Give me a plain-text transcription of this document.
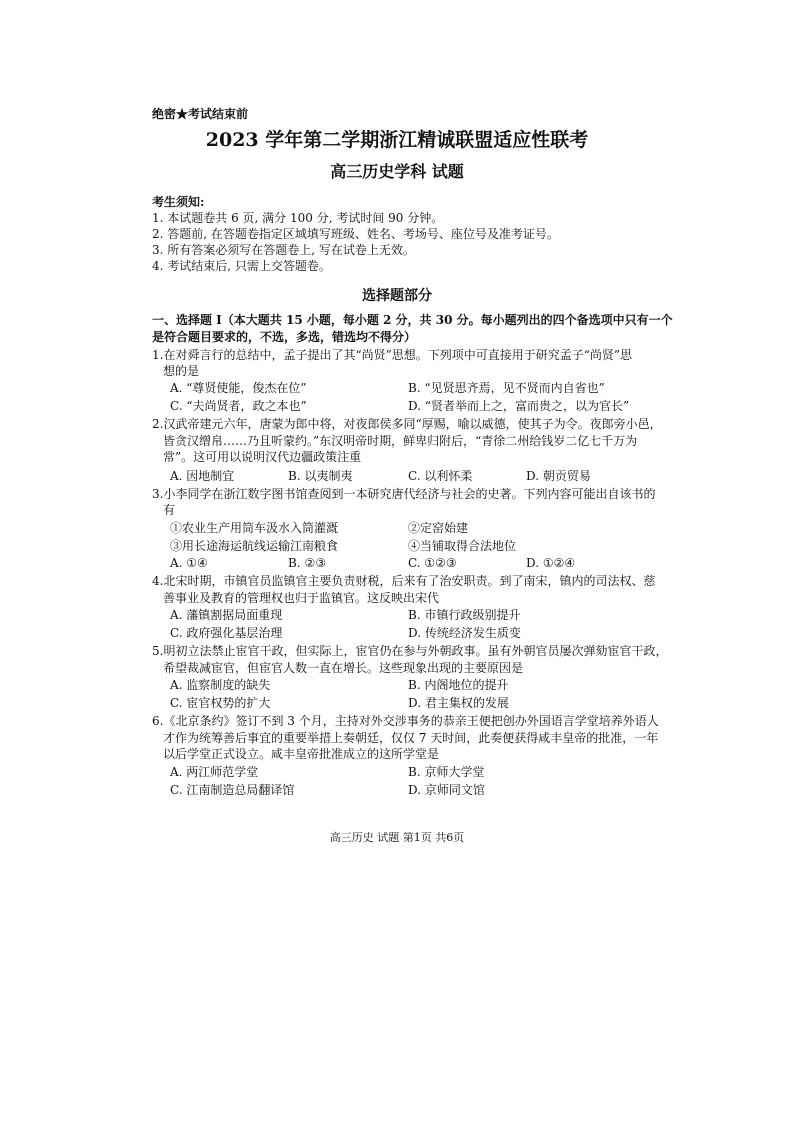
绝密★考试结束前
2023 学年第二学期浙江精诚联盟适应性联考
高三历史学科 试题
考生须知:
1. 本试题卷共 6 页, 满分 100 分, 考试时间 90 分钟。
2. 答题前, 在答题卷指定区域填写班级、姓名、考场号、座位号及准考证号。
3. 所有答案必须写在答题卷上, 写在试卷上无效。
4. 考试结束后, 只需上交答题卷。
选择题部分
一、选择题 I（本大题共 15 小题，每小题 2 分，共 30 分。每小题列出的四个备选项中只有一个
是符合题目要求的，不选，多选，错选均不得分）
1.在对舜言行的总结中，孟子提出了其“尚贤”思想。下列项中可直接用于研究孟子“尚贤”思
想的是
A. “尊贤使能，俊杰在位”	B. “见贤思齐焉，见不贤而内自省也”
C. “夫尚贤者，政之本也”	D. “贤者举而上之，富而贵之，以为官长”
2.汉武帝建元六年，唐蒙为郎中将，对夜郎侯多同“厚赐，喻以威德，使其子为令。夜郎旁小邑，
皆贪汉缯帛……乃且听蒙约。”东汉明帝时期，鲜卑归附后，“青徐二州给钱岁二亿七千万为
常”。这可用以说明汉代边疆政策注重
A. 因地制宜	B. 以夷制夷	C. 以利怀柔	D. 朝贡贸易
3.小李同学在浙江数字图书馆查阅到一本研究唐代经济与社会的史著。下列内容可能出自该书的
有
①农业生产用筒车汲水入筒灌溉	②定窑始建
③用长途海运航线运输江南粮食	④当铺取得合法地位
A. ①④	B. ②③	C. ①②③	D. ①②④
4.北宋时期，市镇官员监镇官主要负责财税，后来有了治安职责。到了南宋，镇内的司法权、慈
善事业及教育的管理权也归于监镇官。这反映出宋代
A. 藩镇割据局面重现	B. 市镇行政级别提升
C. 政府强化基层治理	D. 传统经济发生质变
5.明初立法禁止宦官干政，但实际上，宦官仍在参与外朝政事。虽有外朝官员屡次弹劾宦官干政，
希望裁减宦官，但宦官人数一直在增长。这些现象出现的主要原因是
A. 监察制度的缺失	B. 内阁地位的提升
C. 宦官权势的扩大	D. 君主集权的发展
6.《北京条约》签订不到 3 个月，主持对外交涉事务的恭亲王便把创办外国语言学堂培养外语人
才作为统筹善后事宜的重要举措上奏朝廷，仅仅 7 天时间，此奏便获得咸丰皇帝的批准，一年
以后学堂正式设立。咸丰皇帝批准成立的这所学堂是
A. 两江师范学堂	B. 京师大学堂
C. 江南制造总局翻译馆	D. 京师同文馆
高三历史 试题 第1页 共6页
